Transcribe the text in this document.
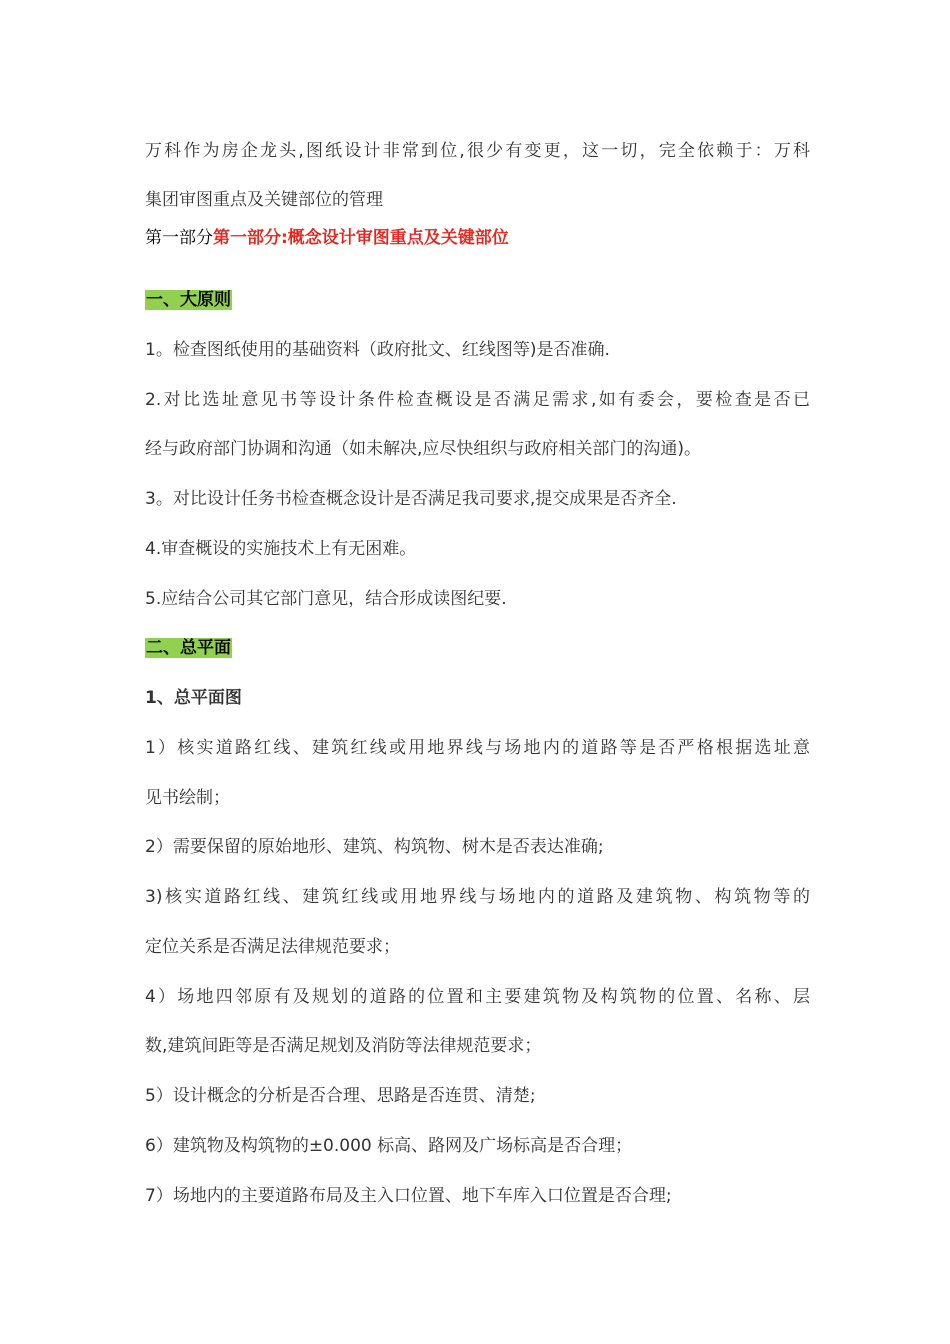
万科作为房企龙头,图纸设计非常到位,很少有变更，这一切，完全依赖于：万科
集团审图重点及关键部位的管理
第一部分第一部分:概念设计审图重点及关键部位
一、大原则
1。检查图纸使用的基础资料（政府批文、红线图等)是否准确.
2.对比选址意见书等设计条件检查概设是否满足需求,如有委会，要检查是否已
经与政府部门协调和沟通（如未解决,应尽快组织与政府相关部门的沟通)。
3。对比设计任务书检查概念设计是否满足我司要求,提交成果是否齐全.
4.审查概设的实施技术上有无困难。
5.应结合公司其它部门意见，结合形成读图纪要.
二、总平面
1、总平面图
1）核实道路红线、建筑红线或用地界线与场地内的道路等是否严格根据选址意
见书绘制；
2）需要保留的原始地形、建筑、构筑物、树木是否表达准确;
3)核实道路红线、建筑红线或用地界线与场地内的道路及建筑物、构筑物等的
定位关系是否满足法律规范要求；
4）场地四邻原有及规划的道路的位置和主要建筑物及构筑物的位置、名称、层
数,建筑间距等是否满足规划及消防等法律规范要求；
5）设计概念的分析是否合理、思路是否连贯、清楚;
6）建筑物及构筑物的±0.000 标高、路网及广场标高是否合理；
7）场地内的主要道路布局及主入口位置、地下车库入口位置是否合理;
